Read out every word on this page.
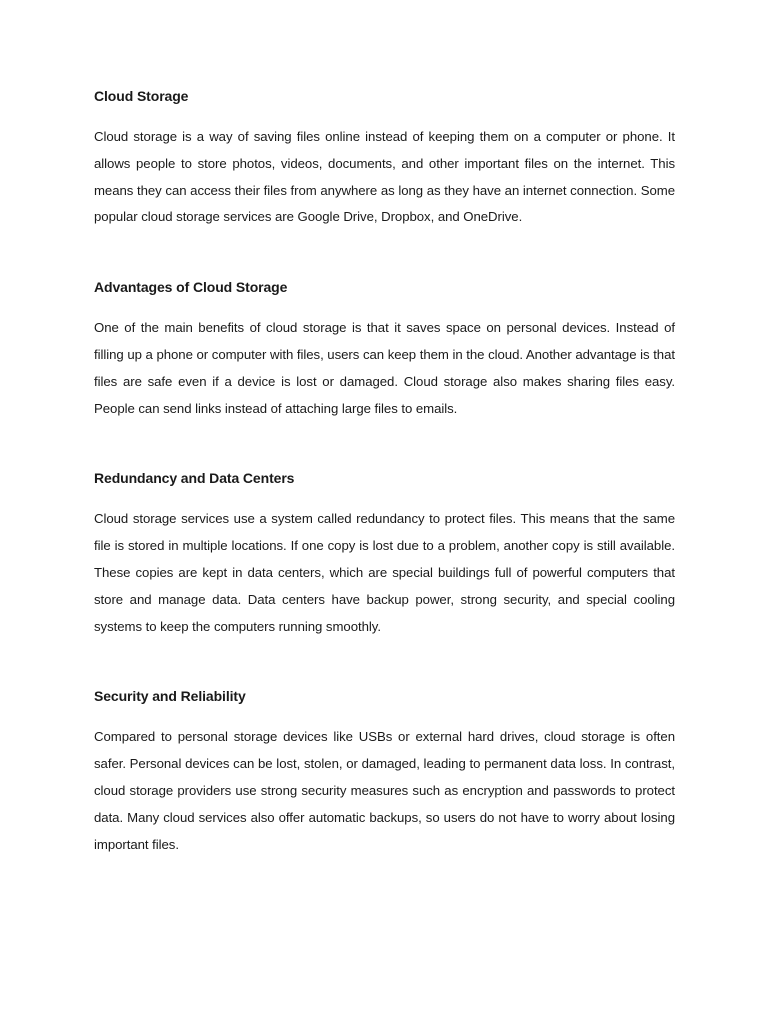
Cloud Storage

Cloud storage is a way of saving files online instead of keeping them on a computer or phone. It allows people to store photos, videos, documents, and other important files on the internet. This means they can access their files from anywhere as long as they have an internet connection. Some popular cloud storage services are Google Drive, Dropbox, and OneDrive.

Advantages of Cloud Storage

One of the main benefits of cloud storage is that it saves space on personal devices. Instead of filling up a phone or computer with files, users can keep them in the cloud. Another advantage is that files are safe even if a device is lost or damaged. Cloud storage also makes sharing files easy. People can send links instead of attaching large files to emails.

Redundancy and Data Centers

Cloud storage services use a system called redundancy to protect files. This means that the same file is stored in multiple locations. If one copy is lost due to a problem, another copy is still available. These copies are kept in data centers, which are special buildings full of powerful computers that store and manage data. Data centers have backup power, strong security, and special cooling systems to keep the computers running smoothly.

Security and Reliability

Compared to personal storage devices like USBs or external hard drives, cloud storage is often safer. Personal devices can be lost, stolen, or damaged, leading to permanent data loss. In contrast, cloud storage providers use strong security measures such as encryption and passwords to protect data. Many cloud services also offer automatic backups, so users do not have to worry about losing important files.
